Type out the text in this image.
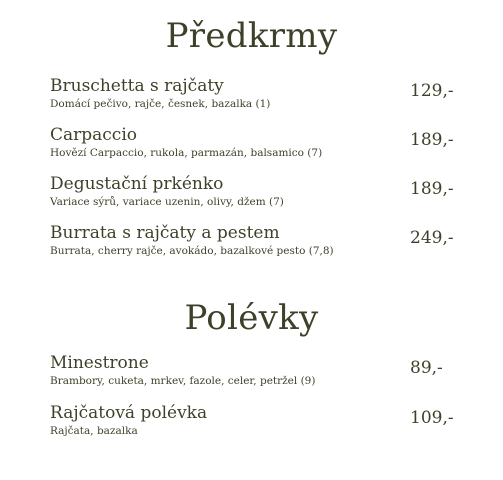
Předkrmy
Bruschetta s rajčaty
Domácí pečivo, rajče, česnek, bazalka (1)
129,-
Carpaccio
Hovězí Carpaccio, rukola, parmazán, balsamico (7)
189,-
Degustační prkénko
Variace sýrů, variace uzenin, olivy, džem (7)
189,-
Burrata s rajčaty a pestem
Burrata, cherry rajče, avokádo, bazalkové pesto (7,8)
249,-
Polévky
Minestrone
Brambory, cuketa, mrkev, fazole, celer, petržel (9)
89,-
Rajčatová polévka
Rajčata, bazalka
109,-
